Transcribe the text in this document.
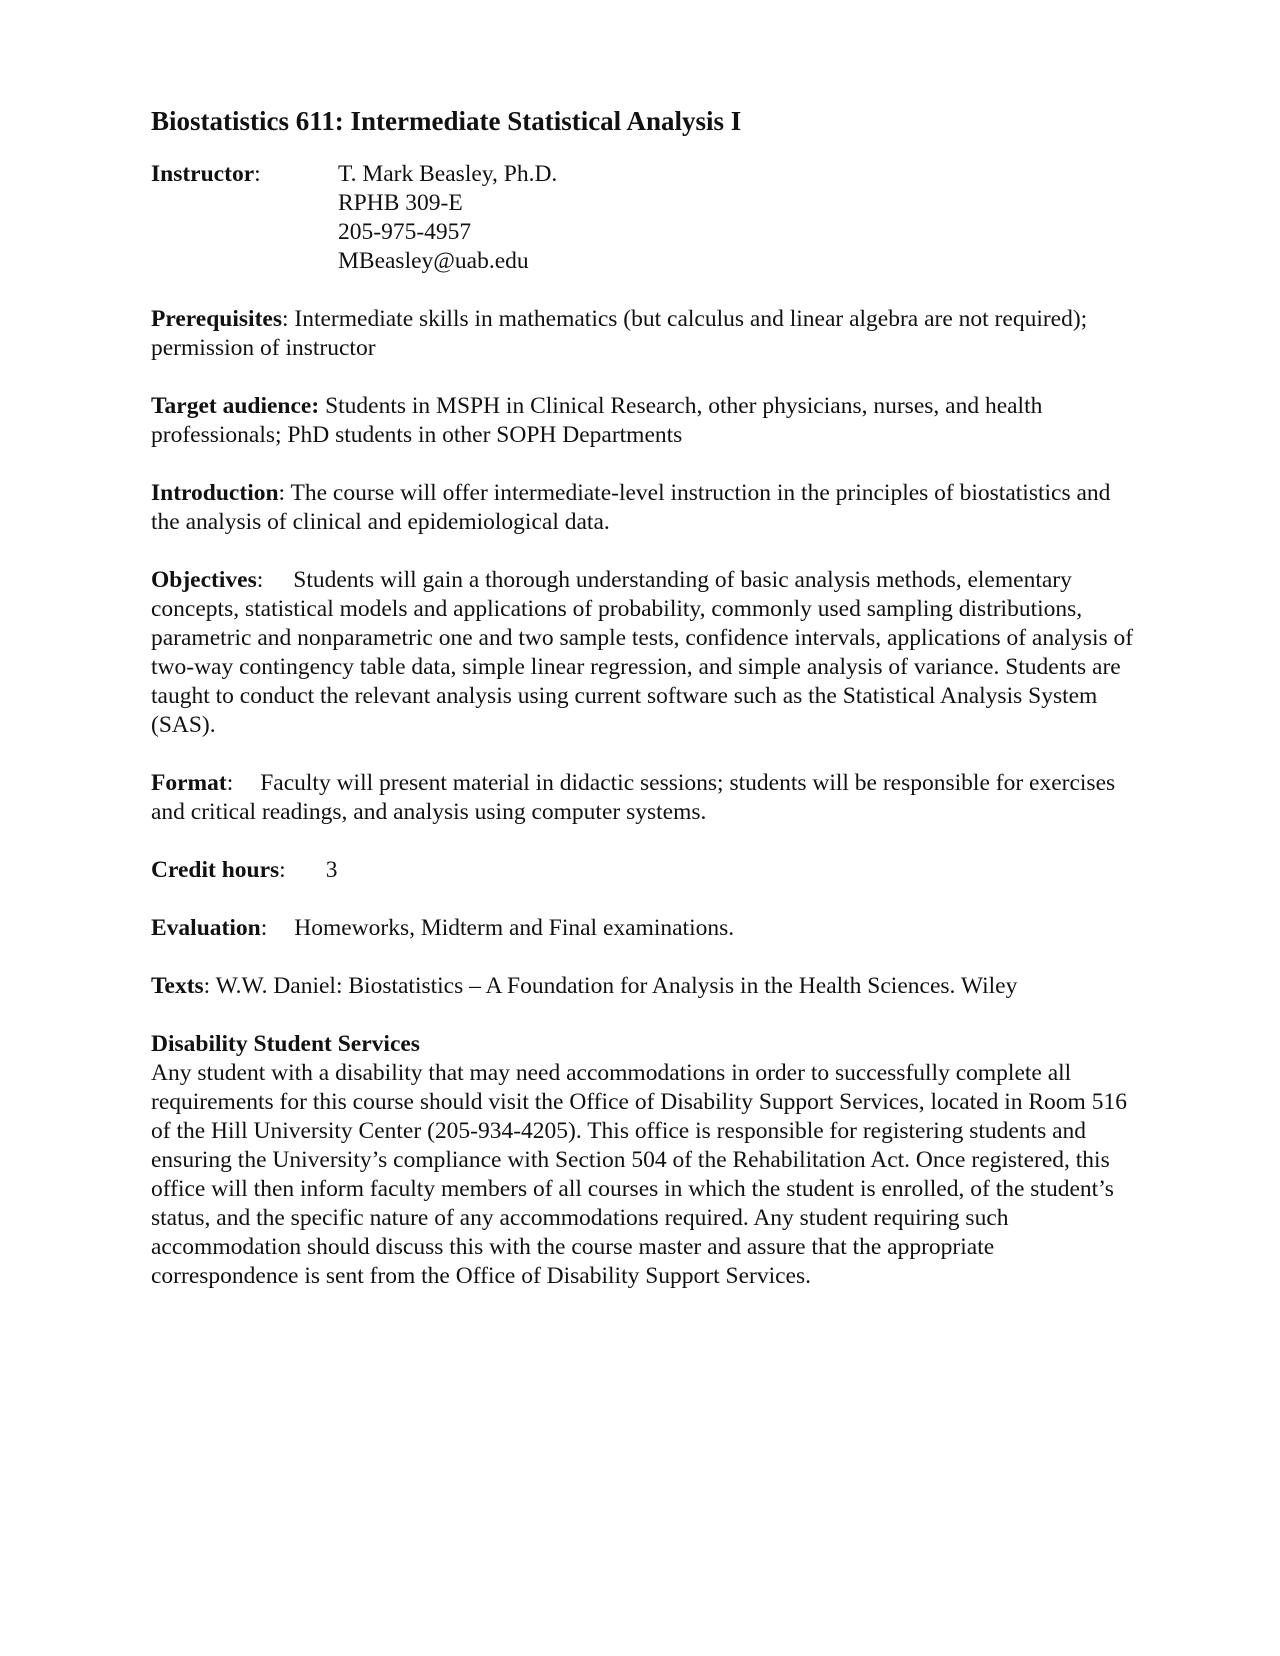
Biostatistics 611: Intermediate Statistical Analysis I
Instructor:	T. Mark Beasley, Ph.D.
RPHB 309-E
205-975-4957
MBeasley@uab.edu

Prerequisites: Intermediate skills in mathematics (but calculus and linear algebra are not required); permission of instructor

Target audience: Students in MSPH in Clinical Research, other physicians, nurses, and health professionals; PhD students in other SOPH Departments

Introduction: The course will offer intermediate-level instruction in the principles of biostatistics and the analysis of clinical and epidemiological data.

Objectives: Students will gain a thorough understanding of basic analysis methods, elementary concepts, statistical models and applications of probability, commonly used sampling distributions, parametric and nonparametric one and two sample tests, confidence intervals, applications of analysis of two-way contingency table data, simple linear regression, and simple analysis of variance. Students are taught to conduct the relevant analysis using current software such as the Statistical Analysis System (SAS).

Format: Faculty will present material in didactic sessions; students will be responsible for exercises and critical readings, and analysis using computer systems.

Credit hours: 3

Evaluation: Homeworks, Midterm and Final examinations.

Texts: W.W. Daniel: Biostatistics – A Foundation for Analysis in the Health Sciences. Wiley

Disability Student Services
Any student with a disability that may need accommodations in order to successfully complete all requirements for this course should visit the Office of Disability Support Services, located in Room 516 of the Hill University Center (205-934-4205). This office is responsible for registering students and ensuring the University’s compliance with Section 504 of the Rehabilitation Act. Once registered, this office will then inform faculty members of all courses in which the student is enrolled, of the student’s status, and the specific nature of any accommodations required. Any student requiring such accommodation should discuss this with the course master and assure that the appropriate correspondence is sent from the Office of Disability Support Services.
